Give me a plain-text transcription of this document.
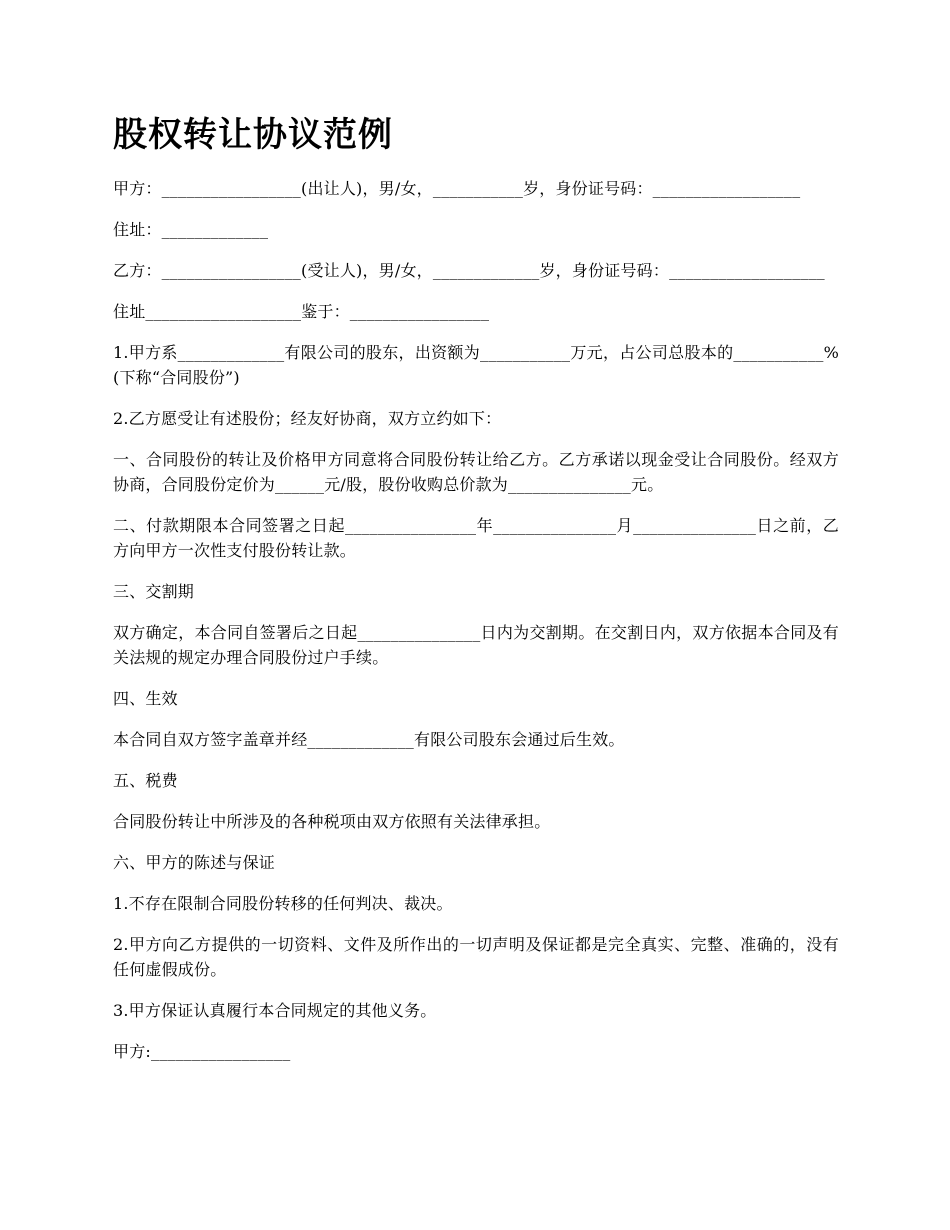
股权转让协议范例

甲方：_________________(出让人)，男/女，___________岁，身份证号码：__________________

住址：_____________

乙方：_________________(受让人)，男/女，_____________岁，身份证号码：___________________

住址___________________鉴于：_________________

1.甲方系_____________有限公司的股东，出资额为___________万元，占公司总股本的___________%(下称“合同股份”)

2.乙方愿受让有述股份；经友好协商，双方立约如下：

一、合同股份的转让及价格甲方同意将合同股份转让给乙方。乙方承诺以现金受让合同股份。经双方协商，合同股份定价为______元/股，股份收购总价款为_______________元。

二、付款期限本合同签署之日起________________年_______________月_______________日之前，乙方向甲方一次性支付股份转让款。

三、交割期

双方确定，本合同自签署后之日起_______________日内为交割期。在交割日内，双方依据本合同及有关法规的规定办理合同股份过户手续。

四、生效

本合同自双方签字盖章并经_____________有限公司股东会通过后生效。

五、税费

合同股份转让中所涉及的各种税项由双方依照有关法律承担。

六、甲方的陈述与保证

1.不存在限制合同股份转移的任何判决、裁决。

2.甲方向乙方提供的一切资料、文件及所作出的一切声明及保证都是完全真实、完整、准确的，没有任何虚假成份。

3.甲方保证认真履行本合同规定的其他义务。

甲方:_________________
